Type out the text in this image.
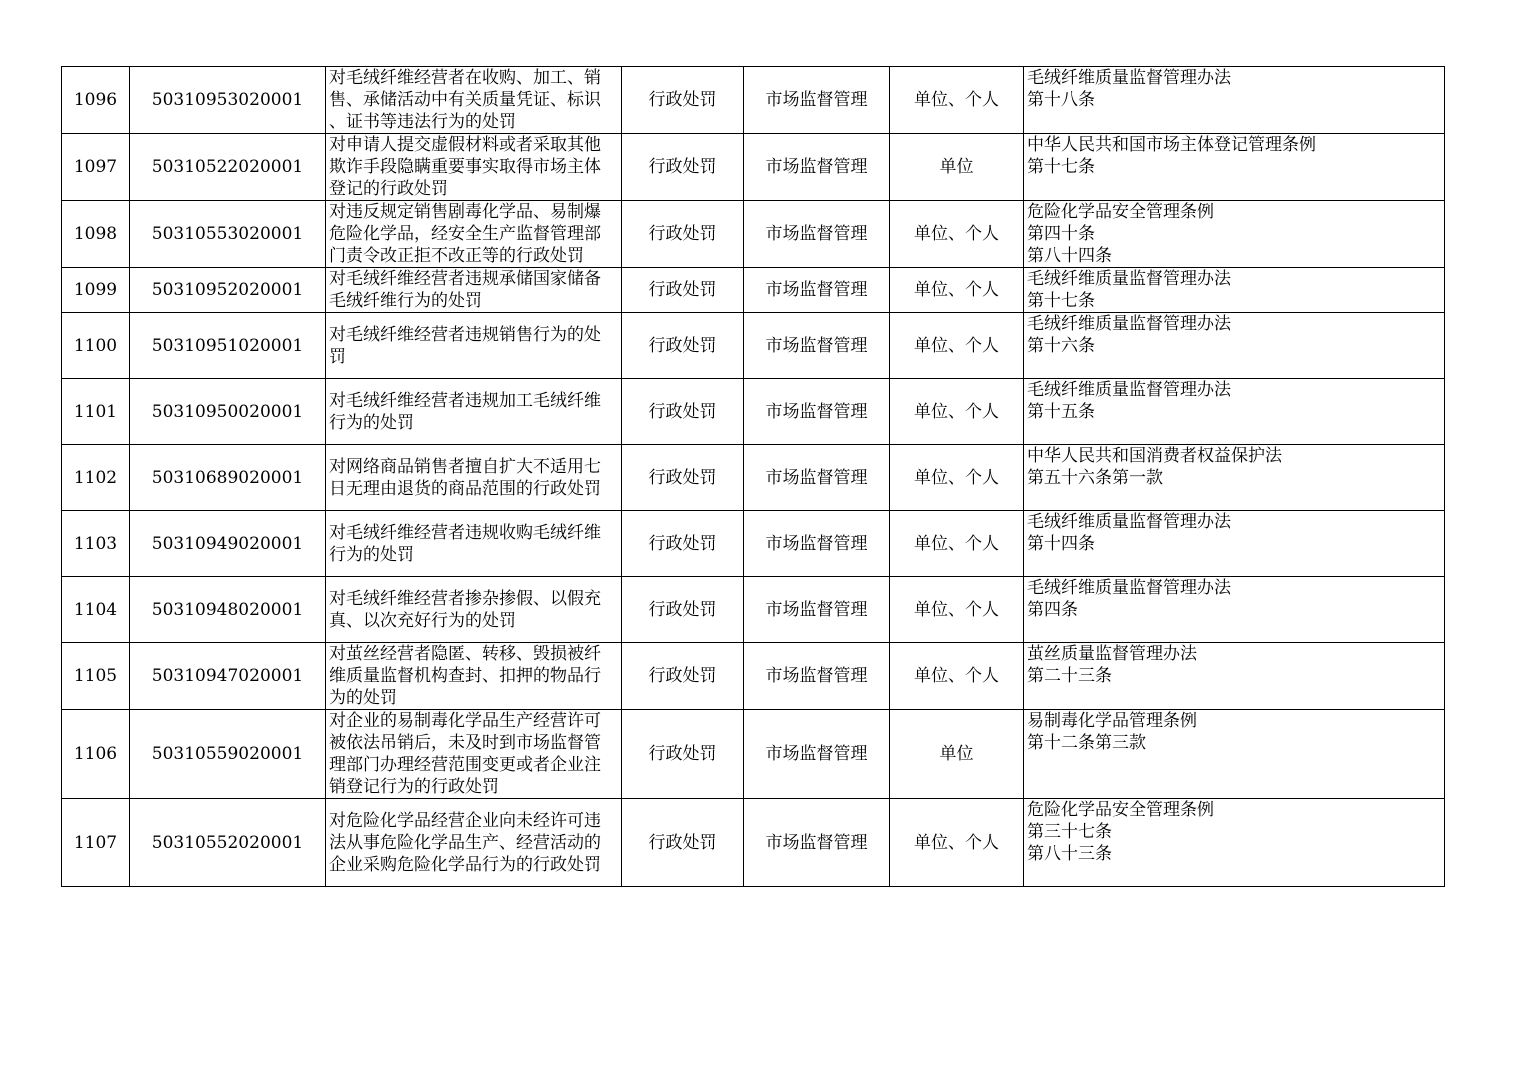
1096	50310953020001	对毛绒纤维经营者在收购、加工、销
售、承储活动中有关质量凭证、标识
、证书等违法行为的处罚	行政处罚	市场监督管理	单位、个人	毛绒纤维质量监督管理办法
第十八条

1097	50310522020001	对申请人提交虚假材料或者采取其他
欺诈手段隐瞒重要事实取得市场主体
登记的行政处罚	行政处罚	市场监督管理	单位	中华人民共和国市场主体登记管理条例
第十七条

1098	50310553020001	对违反规定销售剧毒化学品、易制爆
危险化学品，经安全生产监督管理部
门责令改正拒不改正等的行政处罚	行政处罚	市场监督管理	单位、个人	危险化学品安全管理条例
第四十条
第八十四条

1099	50310952020001	对毛绒纤维经营者违规承储国家储备
毛绒纤维行为的处罚	行政处罚	市场监督管理	单位、个人	毛绒纤维质量监督管理办法
第十七条

1100	50310951020001	对毛绒纤维经营者违规销售行为的处
罚	行政处罚	市场监督管理	单位、个人	毛绒纤维质量监督管理办法
第十六条

1101	50310950020001	对毛绒纤维经营者违规加工毛绒纤维
行为的处罚	行政处罚	市场监督管理	单位、个人	毛绒纤维质量监督管理办法
第十五条

1102	50310689020001	对网络商品销售者擅自扩大不适用七
日无理由退货的商品范围的行政处罚	行政处罚	市场监督管理	单位、个人	中华人民共和国消费者权益保护法
第五十六条第一款

1103	50310949020001	对毛绒纤维经营者违规收购毛绒纤维
行为的处罚	行政处罚	市场监督管理	单位、个人	毛绒纤维质量监督管理办法
第十四条

1104	50310948020001	对毛绒纤维经营者掺杂掺假、以假充
真、以次充好行为的处罚	行政处罚	市场监督管理	单位、个人	毛绒纤维质量监督管理办法
第四条

1105	50310947020001	对茧丝经营者隐匿、转移、毁损被纤
维质量监督机构查封、扣押的物品行
为的处罚	行政处罚	市场监督管理	单位、个人	茧丝质量监督管理办法
第二十三条

1106	50310559020001	对企业的易制毒化学品生产经营许可
被依法吊销后，未及时到市场监督管
理部门办理经营范围变更或者企业注
销登记行为的行政处罚	行政处罚	市场监督管理	单位	易制毒化学品管理条例
第十二条第三款

1107	50310552020001	对危险化学品经营企业向未经许可违
法从事危险化学品生产、经营活动的
企业采购危险化学品行为的行政处罚	行政处罚	市场监督管理	单位、个人	危险化学品安全管理条例
第三十七条
第八十三条
